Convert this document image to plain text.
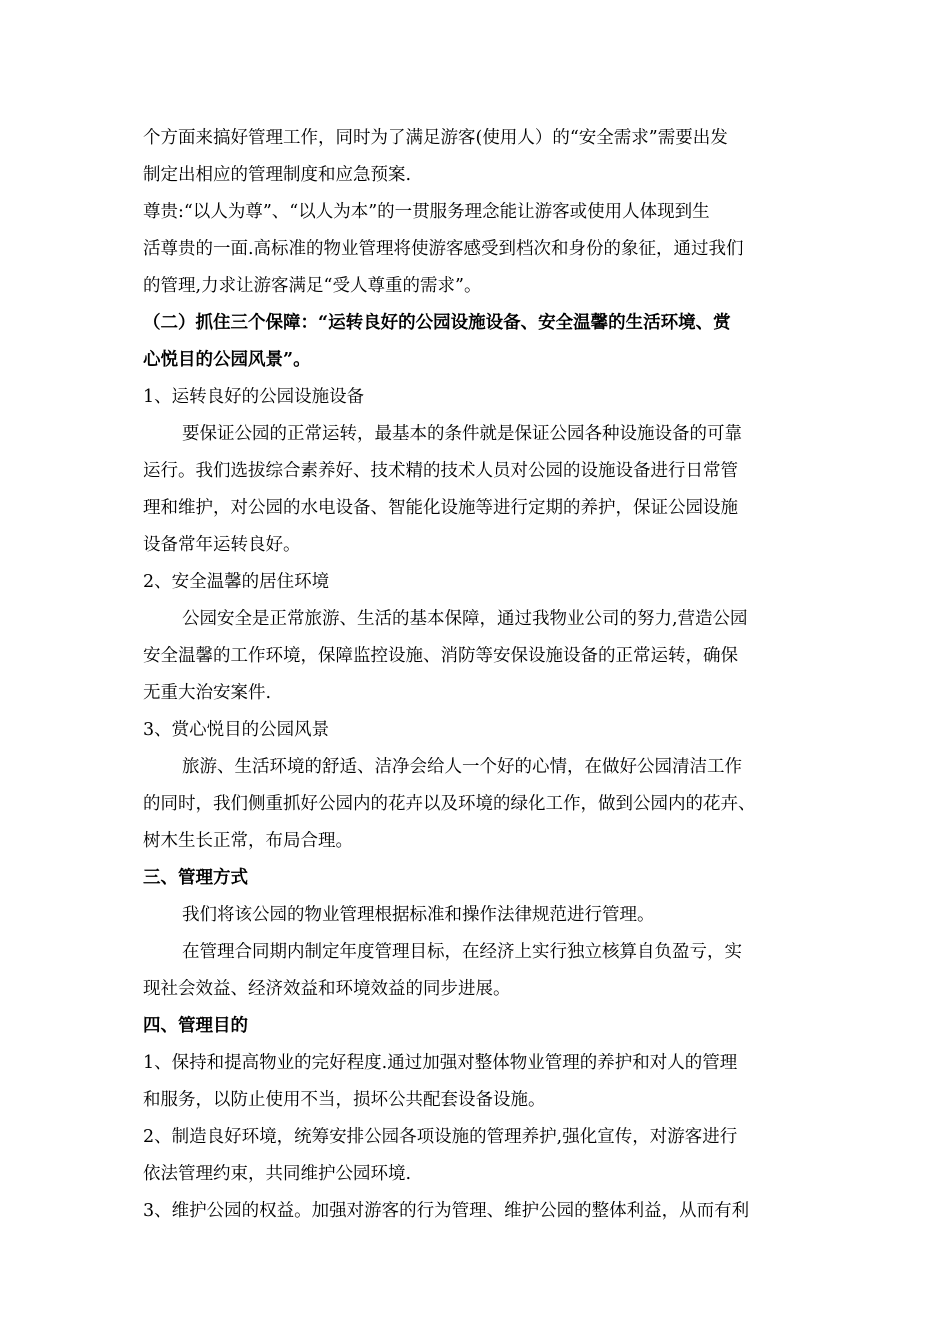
个方面来搞好管理工作，同时为了满足游客(使用人）的“安全需求”需要出发
制定出相应的管理制度和应急预案.
尊贵:“以人为尊”、“以人为本”的一贯服务理念能让游客或使用人体现到生
活尊贵的一面.高标准的物业管理将使游客感受到档次和身份的象征，通过我们
的管理,力求让游客满足“受人尊重的需求”。
（二）抓住三个保障：“运转良好的公园设施设备、安全温馨的生活环境、赏
心悦目的公园风景”。
1、运转良好的公园设施设备
要保证公园的正常运转，最基本的条件就是保证公园各种设施设备的可靠
运行。我们选拔综合素养好、技术精的技术人员对公园的设施设备进行日常管
理和维护，对公园的水电设备、智能化设施等进行定期的养护，保证公园设施
设备常年运转良好。
2、安全温馨的居住环境
公园安全是正常旅游、生活的基本保障，通过我物业公司的努力,营造公园
安全温馨的工作环境，保障监控设施、消防等安保设施设备的正常运转，确保
无重大治安案件.
3、赏心悦目的公园风景
旅游、生活环境的舒适、洁净会给人一个好的心情，在做好公园清洁工作
的同时，我们侧重抓好公园内的花卉以及环境的绿化工作，做到公园内的花卉、
树木生长正常，布局合理。
三、管理方式
我们将该公园的物业管理根据标准和操作法律规范进行管理。
在管理合同期内制定年度管理目标，在经济上实行独立核算自负盈亏，实
现社会效益、经济效益和环境效益的同步进展。
四、管理目的
1、保持和提高物业的完好程度.通过加强对整体物业管理的养护和对人的管理
和服务，以防止使用不当，损坏公共配套设备设施。
2、制造良好环境，统筹安排公园各项设施的管理养护,强化宣传，对游客进行
依法管理约束，共同维护公园环境.
3、维护公园的权益。加强对游客的行为管理、维护公园的整体利益，从而有利
